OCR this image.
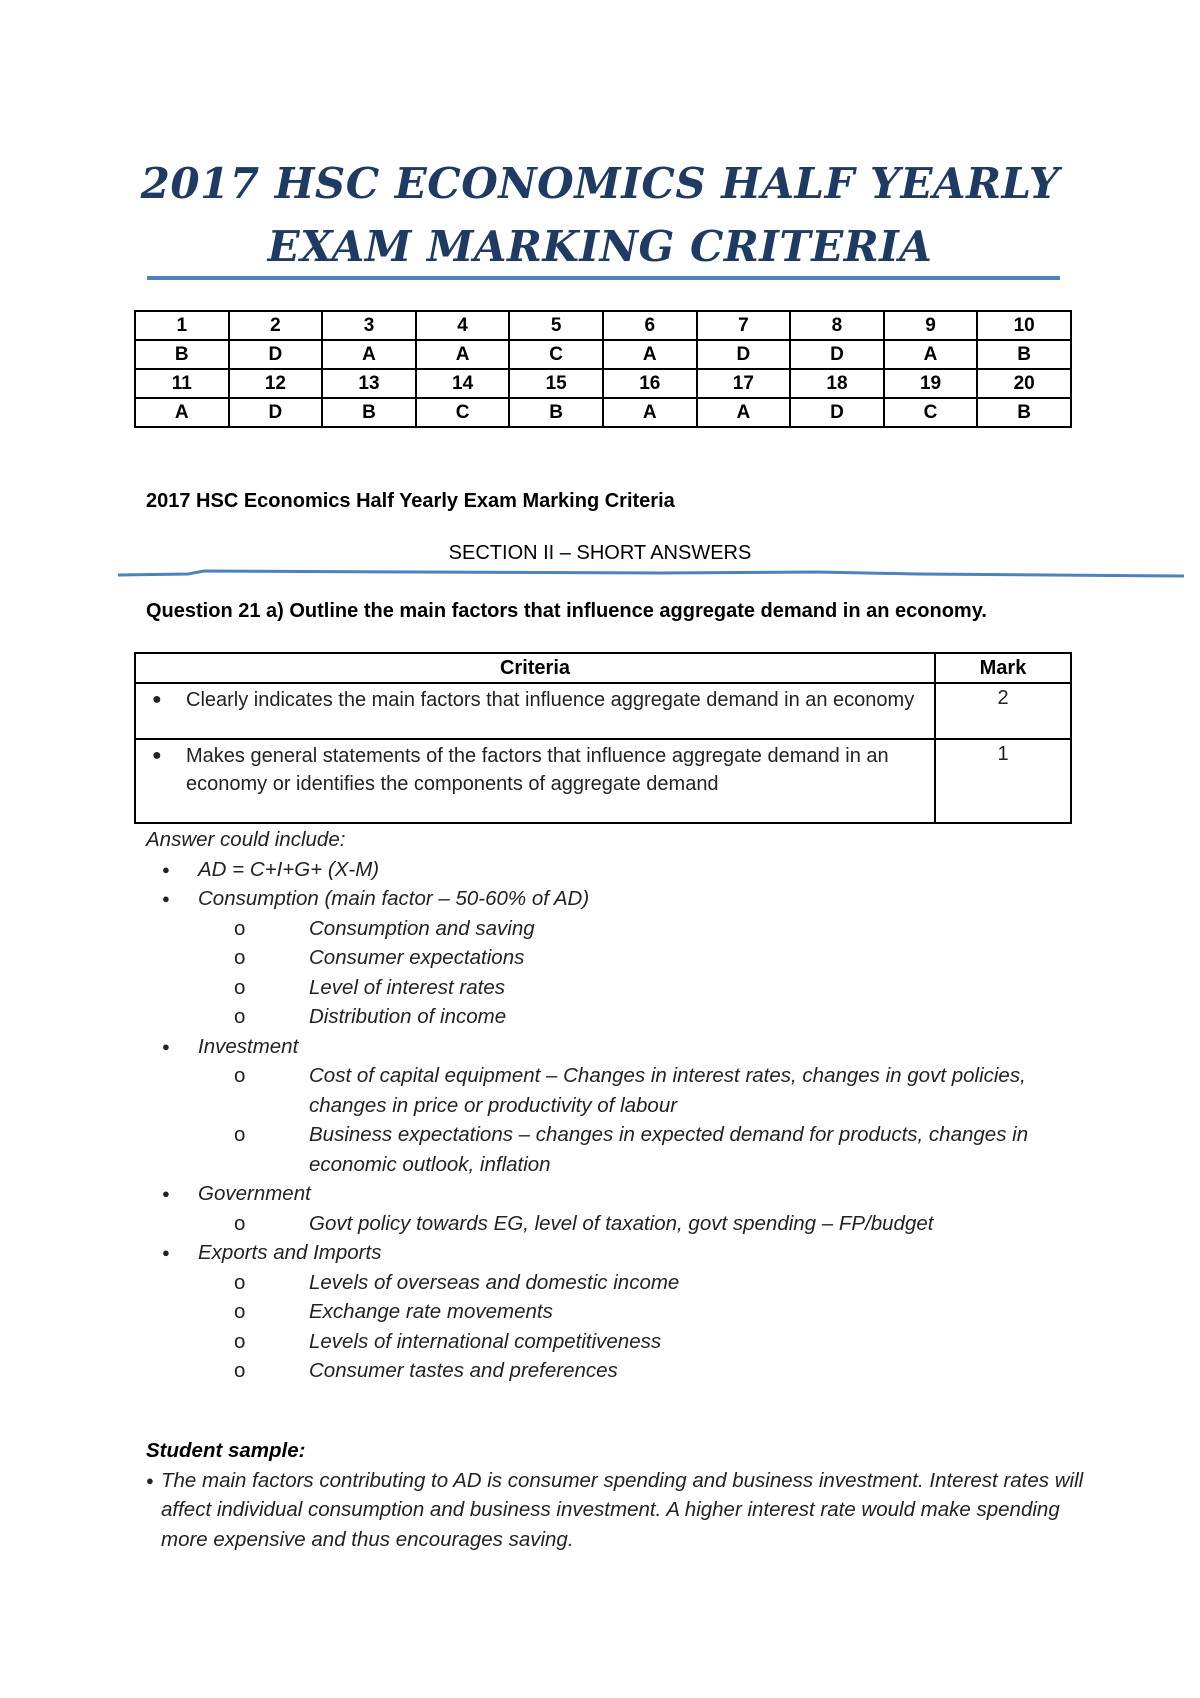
2017 HSC ECONOMICS HALF YEARLY
EXAM MARKING CRITERIA
1	2	3	4	5	6	7	8	9	10
B	D	A	A	C	A	D	D	A	B
11	12	13	14	15	16	17	18	19	20
A	D	B	C	B	A	A	D	C	B
2017 HSC Economics Half Yearly Exam Marking Criteria
SECTION II – SHORT ANSWERS
Question 21 a) Outline the main factors that influence aggregate demand in an economy.
Criteria	Mark

● Clearly indicates the main factors that influence aggregate demand in an economy	2

● Makes general statements of the factors that influence aggregate demand in an economy or identifies the components of aggregate demand	1
Answer could include:
●	AD = C+I+G+ (X-M)
●	Consumption (main factor – 50-60% of AD)
o	Consumption and saving
o	Consumer expectations
o	Level of interest rates
o	Distribution of income
●	Investment
o	Cost of capital equipment – Changes in interest rates, changes in govt policies, changes in price or productivity of labour
o	Business expectations – changes in expected demand for products, changes in economic outlook, inflation
●	Government
o	Govt policy towards EG, level of taxation, govt spending – FP/budget
●	Exports and Imports
o	Levels of overseas and domestic income
o	Exchange rate movements
o	Levels of international competitiveness
o	Consumer tastes and preferences
Student sample:
● The main factors contributing to AD is consumer spending and business investment. Interest rates will affect individual consumption and business investment. A higher interest rate would make spending more expensive and thus encourages saving.
